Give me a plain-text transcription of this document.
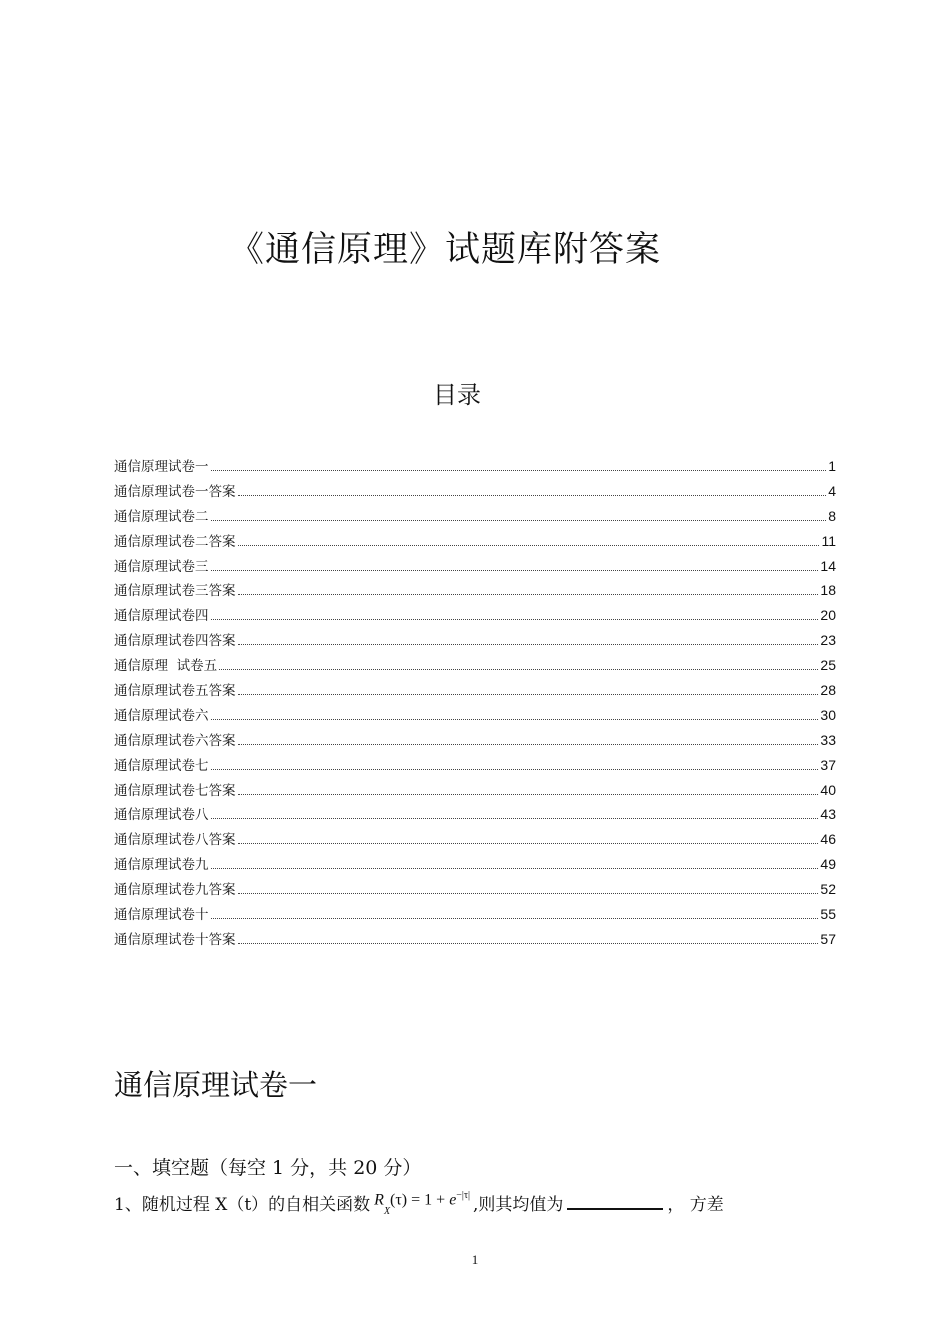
《通信原理》试题库附答案
目录
通信原理试卷一	1
通信原理试卷一答案	4
通信原理试卷二	8
通信原理试卷二答案	11
通信原理试卷三	14
通信原理试卷三答案	18
通信原理试卷四	20
通信原理试卷四答案	23
通信原理  试卷五	25
通信原理试卷五答案	28
通信原理试卷六	30
通信原理试卷六答案	33
通信原理试卷七	37
通信原理试卷七答案	40
通信原理试卷八	43
通信原理试卷八答案	46
通信原理试卷九	49
通信原理试卷九答案	52
通信原理试卷十	55
通信原理试卷十答案	57
通信原理试卷一
一、填空题（每空 1 分，共 20 分）
1、随机过程 X（t）的自相关函数 $R_X(\tau) = 1 + e^{-|\tau|}$ ,则其均值为	， 方差
1
